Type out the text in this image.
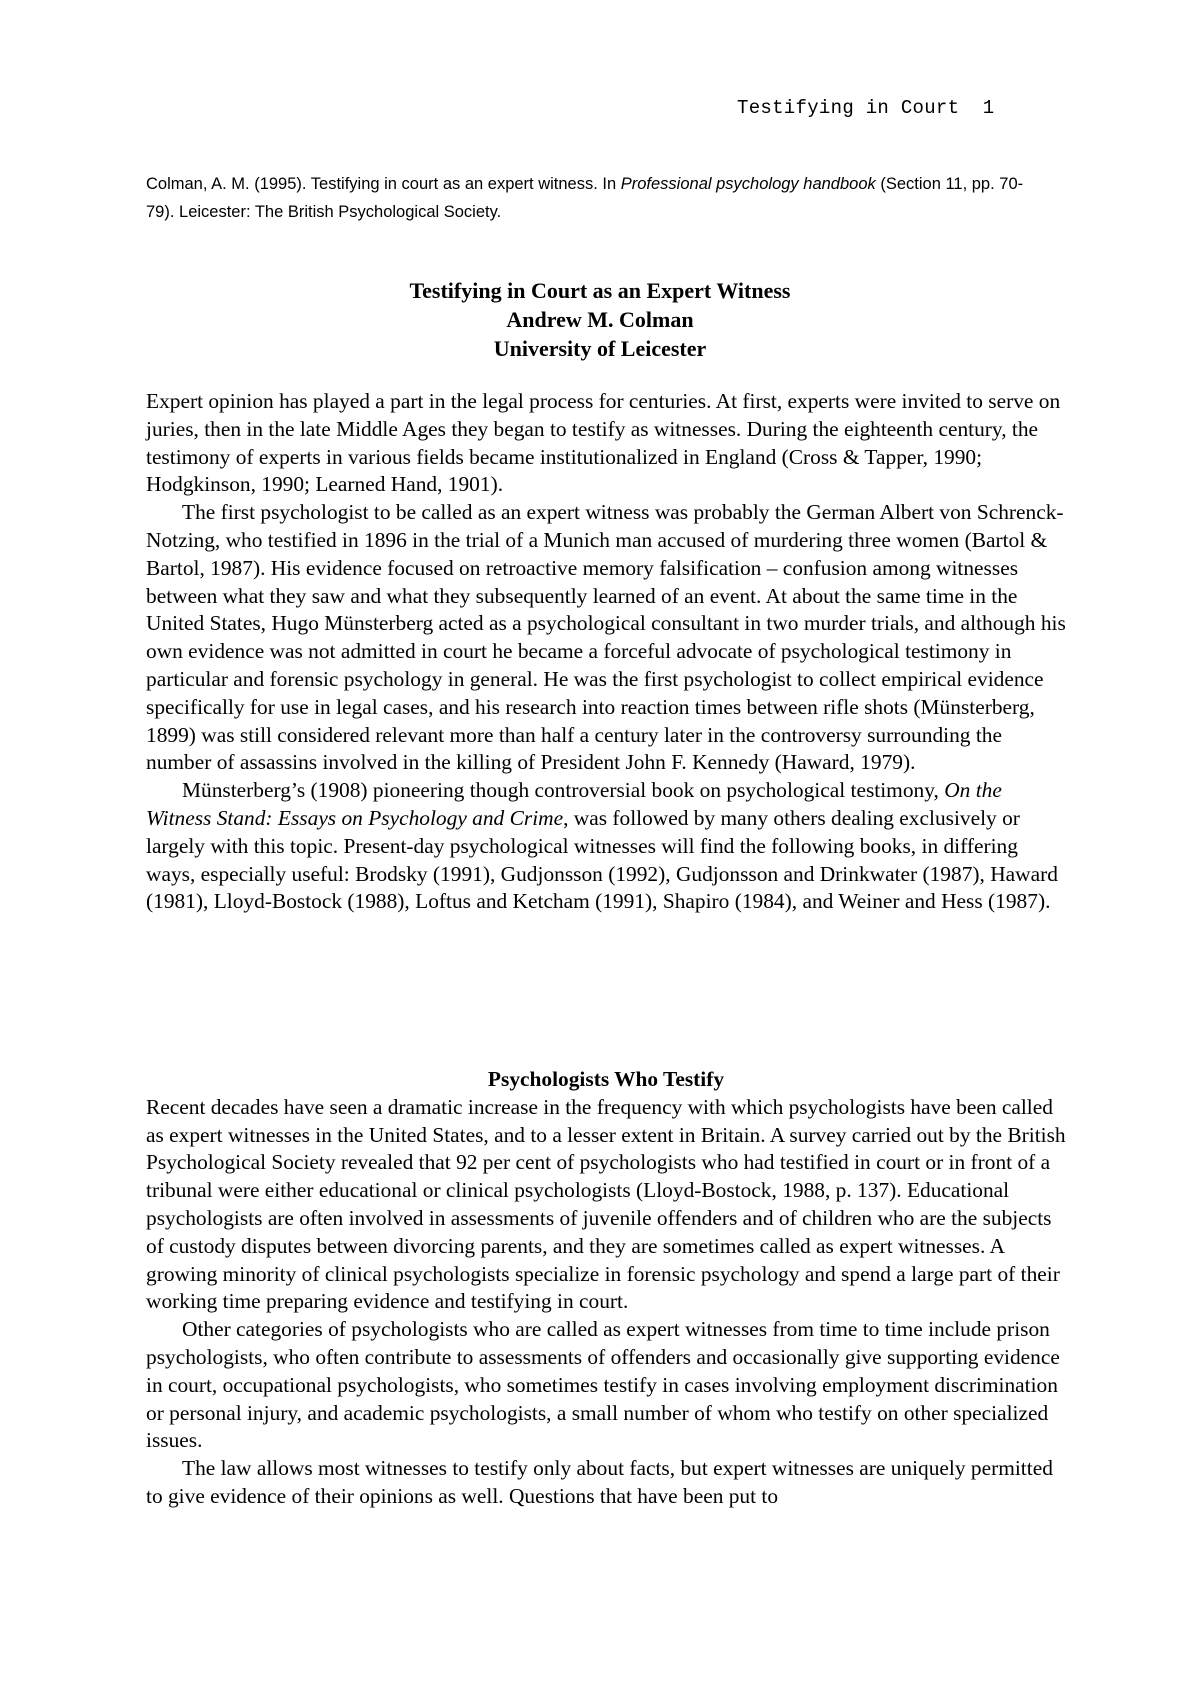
Testifying in Court  1
Colman, A. M. (1995). Testifying in court as an expert witness. In Professional psychology handbook (Section 11, pp. 70-79). Leicester: The British Psychological Society.
Testifying in Court as an Expert Witness
Andrew M. Colman
University of Leicester

Expert opinion has played a part in the legal process for centuries. At first, experts were invited to serve on juries, then in the late Middle Ages they began to testify as witnesses. During the eighteenth century, the testimony of experts in various fields became institutionalized in England (Cross & Tapper, 1990; Hodgkinson, 1990; Learned Hand, 1901).

The first psychologist to be called as an expert witness was probably the German Albert von Schrenck-Notzing, who testified in 1896 in the trial of a Munich man accused of murdering three women (Bartol & Bartol, 1987). His evidence focused on retroactive memory falsification – confusion among witnesses between what they saw and what they subsequently learned of an event. At about the same time in the United States, Hugo Münsterberg acted as a psychological consultant in two murder trials, and although his own evidence was not admitted in court he became a forceful advocate of psychological testimony in particular and forensic psychology in general. He was the first psychologist to collect empirical evidence specifically for use in legal cases, and his research into reaction times between rifle shots (Münsterberg, 1899) was still considered relevant more than half a century later in the controversy surrounding the number of assassins involved in the killing of President John F. Kennedy (Haward, 1979).

Münsterberg’s (1908) pioneering though controversial book on psychological testimony, On the Witness Stand: Essays on Psychology and Crime, was followed by many others dealing exclusively or largely with this topic. Present-day psychological witnesses will find the following books, in differing ways, especially useful: Brodsky (1991), Gudjonsson (1992), Gudjonsson and Drinkwater (1987), Haward (1981), Lloyd-Bostock (1988), Loftus and Ketcham (1991), Shapiro (1984), and Weiner and Hess (1987).

Psychologists Who Testify

Recent decades have seen a dramatic increase in the frequency with which psychologists have been called as expert witnesses in the United States, and to a lesser extent in Britain. A survey carried out by the British Psychological Society revealed that 92 per cent of psychologists who had testified in court or in front of a tribunal were either educational or clinical psychologists (Lloyd-Bostock, 1988, p. 137). Educational psychologists are often involved in assessments of juvenile offenders and of children who are the subjects of custody disputes between divorcing parents, and they are sometimes called as expert witnesses. A growing minority of clinical psychologists specialize in forensic psychology and spend a large part of their working time preparing evidence and testifying in court.

Other categories of psychologists who are called as expert witnesses from time to time include prison psychologists, who often contribute to assessments of offenders and occasionally give supporting evidence in court, occupational psychologists, who sometimes testify in cases involving employment discrimination or personal injury, and academic psychologists, a small number of whom who testify on other specialized issues.

The law allows most witnesses to testify only about facts, but expert witnesses are uniquely permitted to give evidence of their opinions as well. Questions that have been put to
